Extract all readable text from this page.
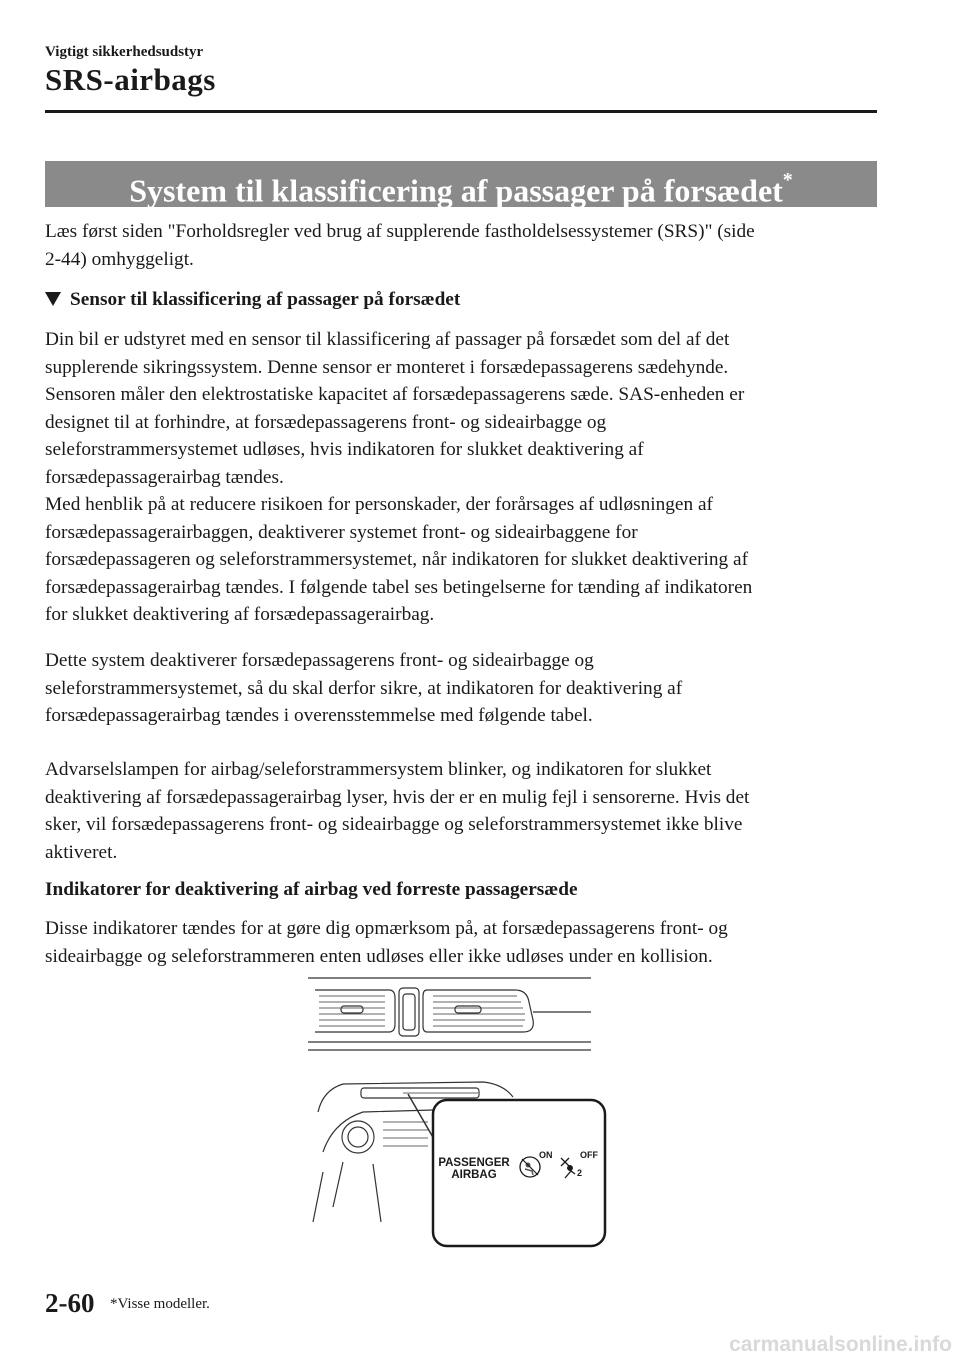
Vigtigt sikkerhedsudstyr
SRS-airbags
System til klassificering af passager på forsædet*

Læs først siden "Forholdsregler ved brug af supplerende fastholdelsessystemer (SRS)" (side
2-44) omhyggeligt.

Sensor til klassificering af passager på forsædet

Din bil er udstyret med en sensor til klassificering af passager på forsædet som del af det
supplerende sikringssystem. Denne sensor er monteret i forsædepassagerens sædehynde.
Sensoren måler den elektrostatiske kapacitet af forsædepassagerens sæde. SAS-enheden er
designet til at forhindre, at forsædepassagerens front- og sideairbagge og
seleforstrammersystemet udløses, hvis indikatoren for slukket deaktivering af
forsædepassagerairbag tændes.
Med henblik på at reducere risikoen for personskader, der forårsages af udløsningen af
forsædepassagerairbaggen, deaktiverer systemet front- og sideairbaggene for
forsædepassageren og seleforstrammersystemet, når indikatoren for slukket deaktivering af
forsædepassagerairbag tændes. I følgende tabel ses betingelserne for tænding af indikatoren
for slukket deaktivering af forsædepassagerairbag.

Dette system deaktiverer forsædepassagerens front- og sideairbagge og
seleforstrammersystemet, så du skal derfor sikre, at indikatoren for deaktivering af
forsædepassagerairbag tændes i overensstemmelse med følgende tabel.

Advarselslampen for airbag/seleforstrammersystem blinker, og indikatoren for slukket
deaktivering af forsædepassagerairbag lyser, hvis der er en mulig fejl i sensorerne. Hvis det
sker, vil forsædepassagerens front- og sideairbagge og seleforstrammersystemet ikke blive
aktiveret.

Indikatorer for deaktivering af airbag ved forreste passagersæde

Disse indikatorer tændes for at gøre dig opmærksom på, at forsædepassagerens front- og
sideairbagge og seleforstrammeren enten udløses eller ikke udløses under en kollision.

PASSENGER
AIRBAG
ON	OFF
2
2-60 *Visse modeller.
carmanualsonline.info
